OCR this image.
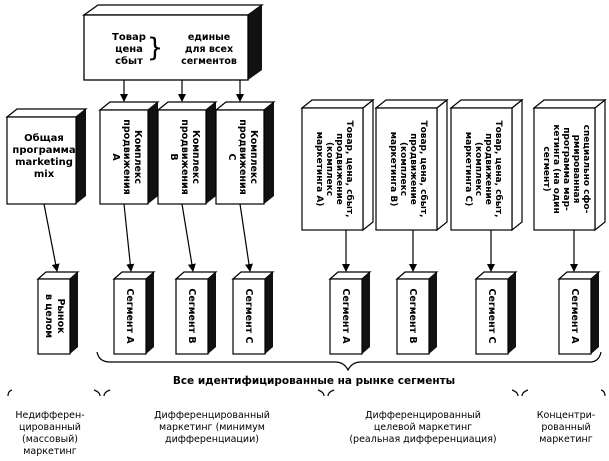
Товар
цена
сбыт }	единые
для всех
сегментов
Общая
программа
marketing
mix	Комплекс
продвижения
A	Комплекс
продвижения
B	Комплекс
продвижения
C	Товар, цена, сбыт,
продвижение
(комплекс
маркетинга A)	Товар, цена, сбыт,
продвижение
(комплекс
маркетинга B)	Товар, цена, сбыт,
продвижение
(комплекс
маркетинга C)	специально сфо-
рмированная
программа мар-
кетинга (на один
сегмент)
Рынок
в целом	Сегмент A	Сегмент B	Сегмент C	Сегмент A	Сегмент B	Сегмент C	Сегмент A
Все идентифицированные на рынке сегменты
Недифферен-
цированный
(массовый)
маркетинг
Дифференцированный
маркетинг (минимум
дифференциации)
Дифференцированный
целевой маркетинг
(реальная дифференциация)
Концентри-
рованный
маркетинг
